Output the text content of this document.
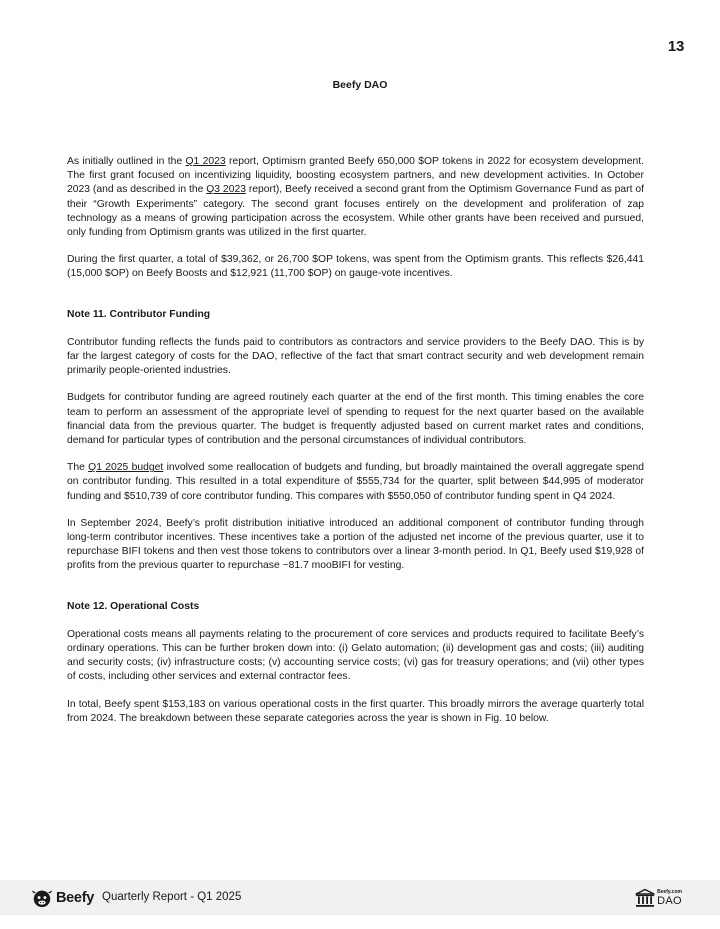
13
Beefy DAO

As initially outlined in the Q1 2023 report, Optimism granted Beefy 650,000 $OP tokens in 2022 for ecosystem development. The first grant focused on incentivizing liquidity, boosting ecosystem partners, and new development activities. In October 2023 (and as described in the Q3 2023 report), Beefy received a second grant from the Optimism Governance Fund as part of their “Growth Experiments” category. The second grant focuses entirely on the development and proliferation of zap technology as a means of growing participation across the ecosystem. While other grants have been received and pursued, only funding from Optimism grants was utilized in the first quarter.

During the first quarter, a total of $39,362, or 26,700 $OP tokens, was spent from the Optimism grants. This reflects $26,441 (15,000 $OP) on Beefy Boosts and $12,921 (11,700 $OP) on gauge-vote incentives.

Note 11. Contributor Funding

Contributor funding reflects the funds paid to contributors as contractors and service providers to the Beefy DAO. This is by far the largest category of costs for the DAO, reflective of the fact that smart contract security and web development remain primarily people-oriented industries.

Budgets for contributor funding are agreed routinely each quarter at the end of the first month. This timing enables the core team to perform an assessment of the appropriate level of spending to request for the next quarter based on the available financial data from the previous quarter. The budget is frequently adjusted based on current market rates and conditions, demand for particular types of contribution and the personal circumstances of individual contributors.

The Q1 2025 budget involved some reallocation of budgets and funding, but broadly maintained the overall aggregate spend on contributor funding. This resulted in a total expenditure of $555,734 for the quarter, split between $44,995 of moderator funding and $510,739 of core contributor funding. This compares with $550,050 of contributor funding spent in Q4 2024.

In September 2024, Beefy’s profit distribution initiative introduced an additional component of contributor funding through long-term contributor incentives. These incentives take a portion of the adjusted net income of the previous quarter, use it to repurchase BIFI tokens and then vest those tokens to contributors over a linear 3-month period. In Q1, Beefy used $19,928 of profits from the previous quarter to repurchase ~81.7 mooBIFI for vesting.

Note 12. Operational Costs

Operational costs means all payments relating to the procurement of core services and products required to facilitate Beefy’s ordinary operations. This can be further broken down into: (i) Gelato automation; (ii) development gas and costs; (iii) auditing and security costs; (iv) infrastructure costs; (v) accounting service costs; (vi) gas for treasury operations; and (vii) other types of costs, including other services and external contractor fees.

In total, Beefy spent $153,183 on various operational costs in the first quarter. This broadly mirrors the average quarterly total from 2024. The breakdown between these separate categories across the year is shown in Fig. 10 below.

Beefy Quarterly Report - Q1 2025	Beefy.com
DAO
